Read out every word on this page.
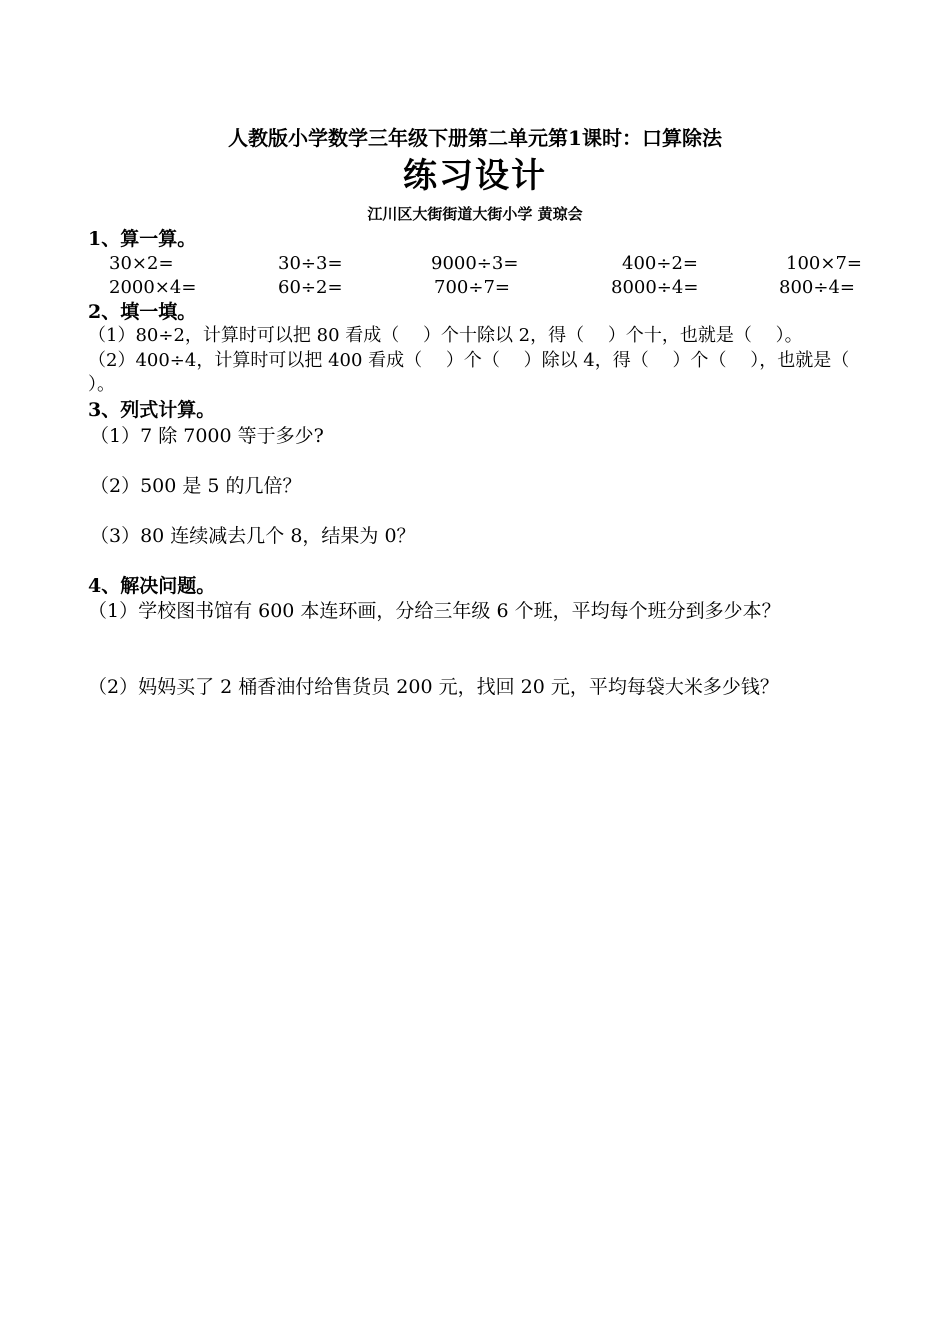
人教版小学数学三年级下册第二单元第1课时：口算除法
练习设计
江川区大街街道大街小学 黄琼会
1、算一算。
30×2=	30÷3=	9000÷3=	400÷2=	100×7=
2000×4=	60÷2=	700÷7=	8000÷4=	800÷4=
2、填一填。
（1）80÷2，计算时可以把 80 看成（　 ）个十除以 2，得（　 ）个十，也就是（　 ）。
（2）400÷4，计算时可以把 400 看成（　 ）个（　 ）除以 4，得（　 ）个（　 ），也就是（
）。
3、列式计算。
（1）7 除 7000 等于多少?
（2）500 是 5 的几倍？
（3）80 连续减去几个 8，结果为 0？
4、解决问题。
（1）学校图书馆有 600 本连环画，分给三年级 6 个班，平均每个班分到多少本？
（2）妈妈买了 2 桶香油付给售货员 200 元，找回 20 元，平均每袋大米多少钱？
